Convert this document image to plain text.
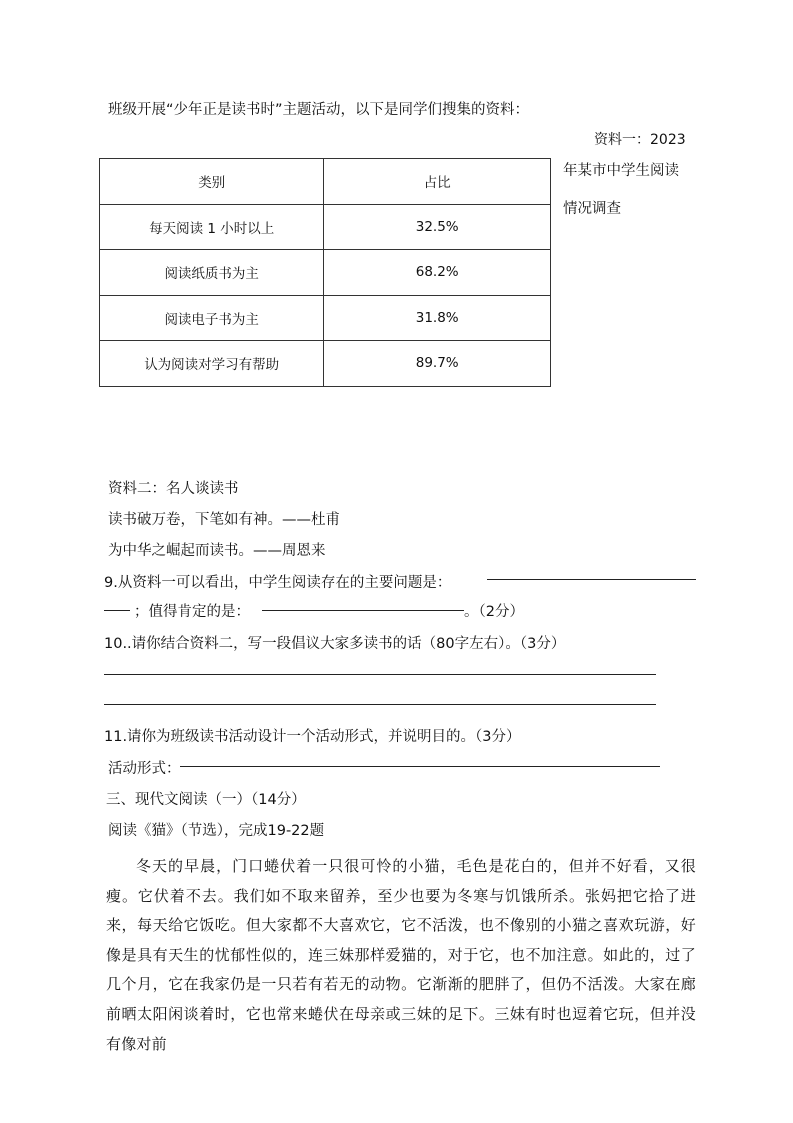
班级开展“少年正是读书时”主题活动，以下是同学们搜集的资料：
资料一：2023
年某市中学生阅读
情况调查
类别	占比
每天阅读 1 小时以上	32.5%
阅读纸质书为主	68.2%
阅读电子书为主	31.8%
认为阅读对学习有帮助	89.7%
资料二：名人谈读书
读书破万卷，下笔如有神。——杜甫
为中华之崛起而读书。——周恩来
9.从资料一可以看出，中学生阅读存在的主要问题是：
；值得肯定的是：	。（2分）
10..请你结合资料二，写一段倡议大家多读书的话（80字左右）。（3分）
11.请你为班级读书活动设计一个活动形式，并说明目的。（3分）
活动形式：
三、现代文阅读（一）（14分）
阅读《猫》（节选），完成19-22题
冬天的早晨，门口蜷伏着一只很可怜的小猫，毛色是花白的，但并不好看，又很瘦。它伏着不去。我们如不取来留养，至少也要为冬寒与饥饿所杀。张妈把它拾了进来，每天给它饭吃。但大家都不大喜欢它，它不活泼，也不像别的小猫之喜欢玩游，好像是具有天生的忧郁性似的，连三妹那样爱猫的，对于它，也不加注意。如此的，过了几个月，它在我家仍是一只若有若无的动物。它渐渐的肥胖了，但仍不活泼。大家在廊前晒太阳闲谈着时，它也常来蜷伏在母亲或三妹的足下。三妹有时也逗着它玩，但并没有像对前
